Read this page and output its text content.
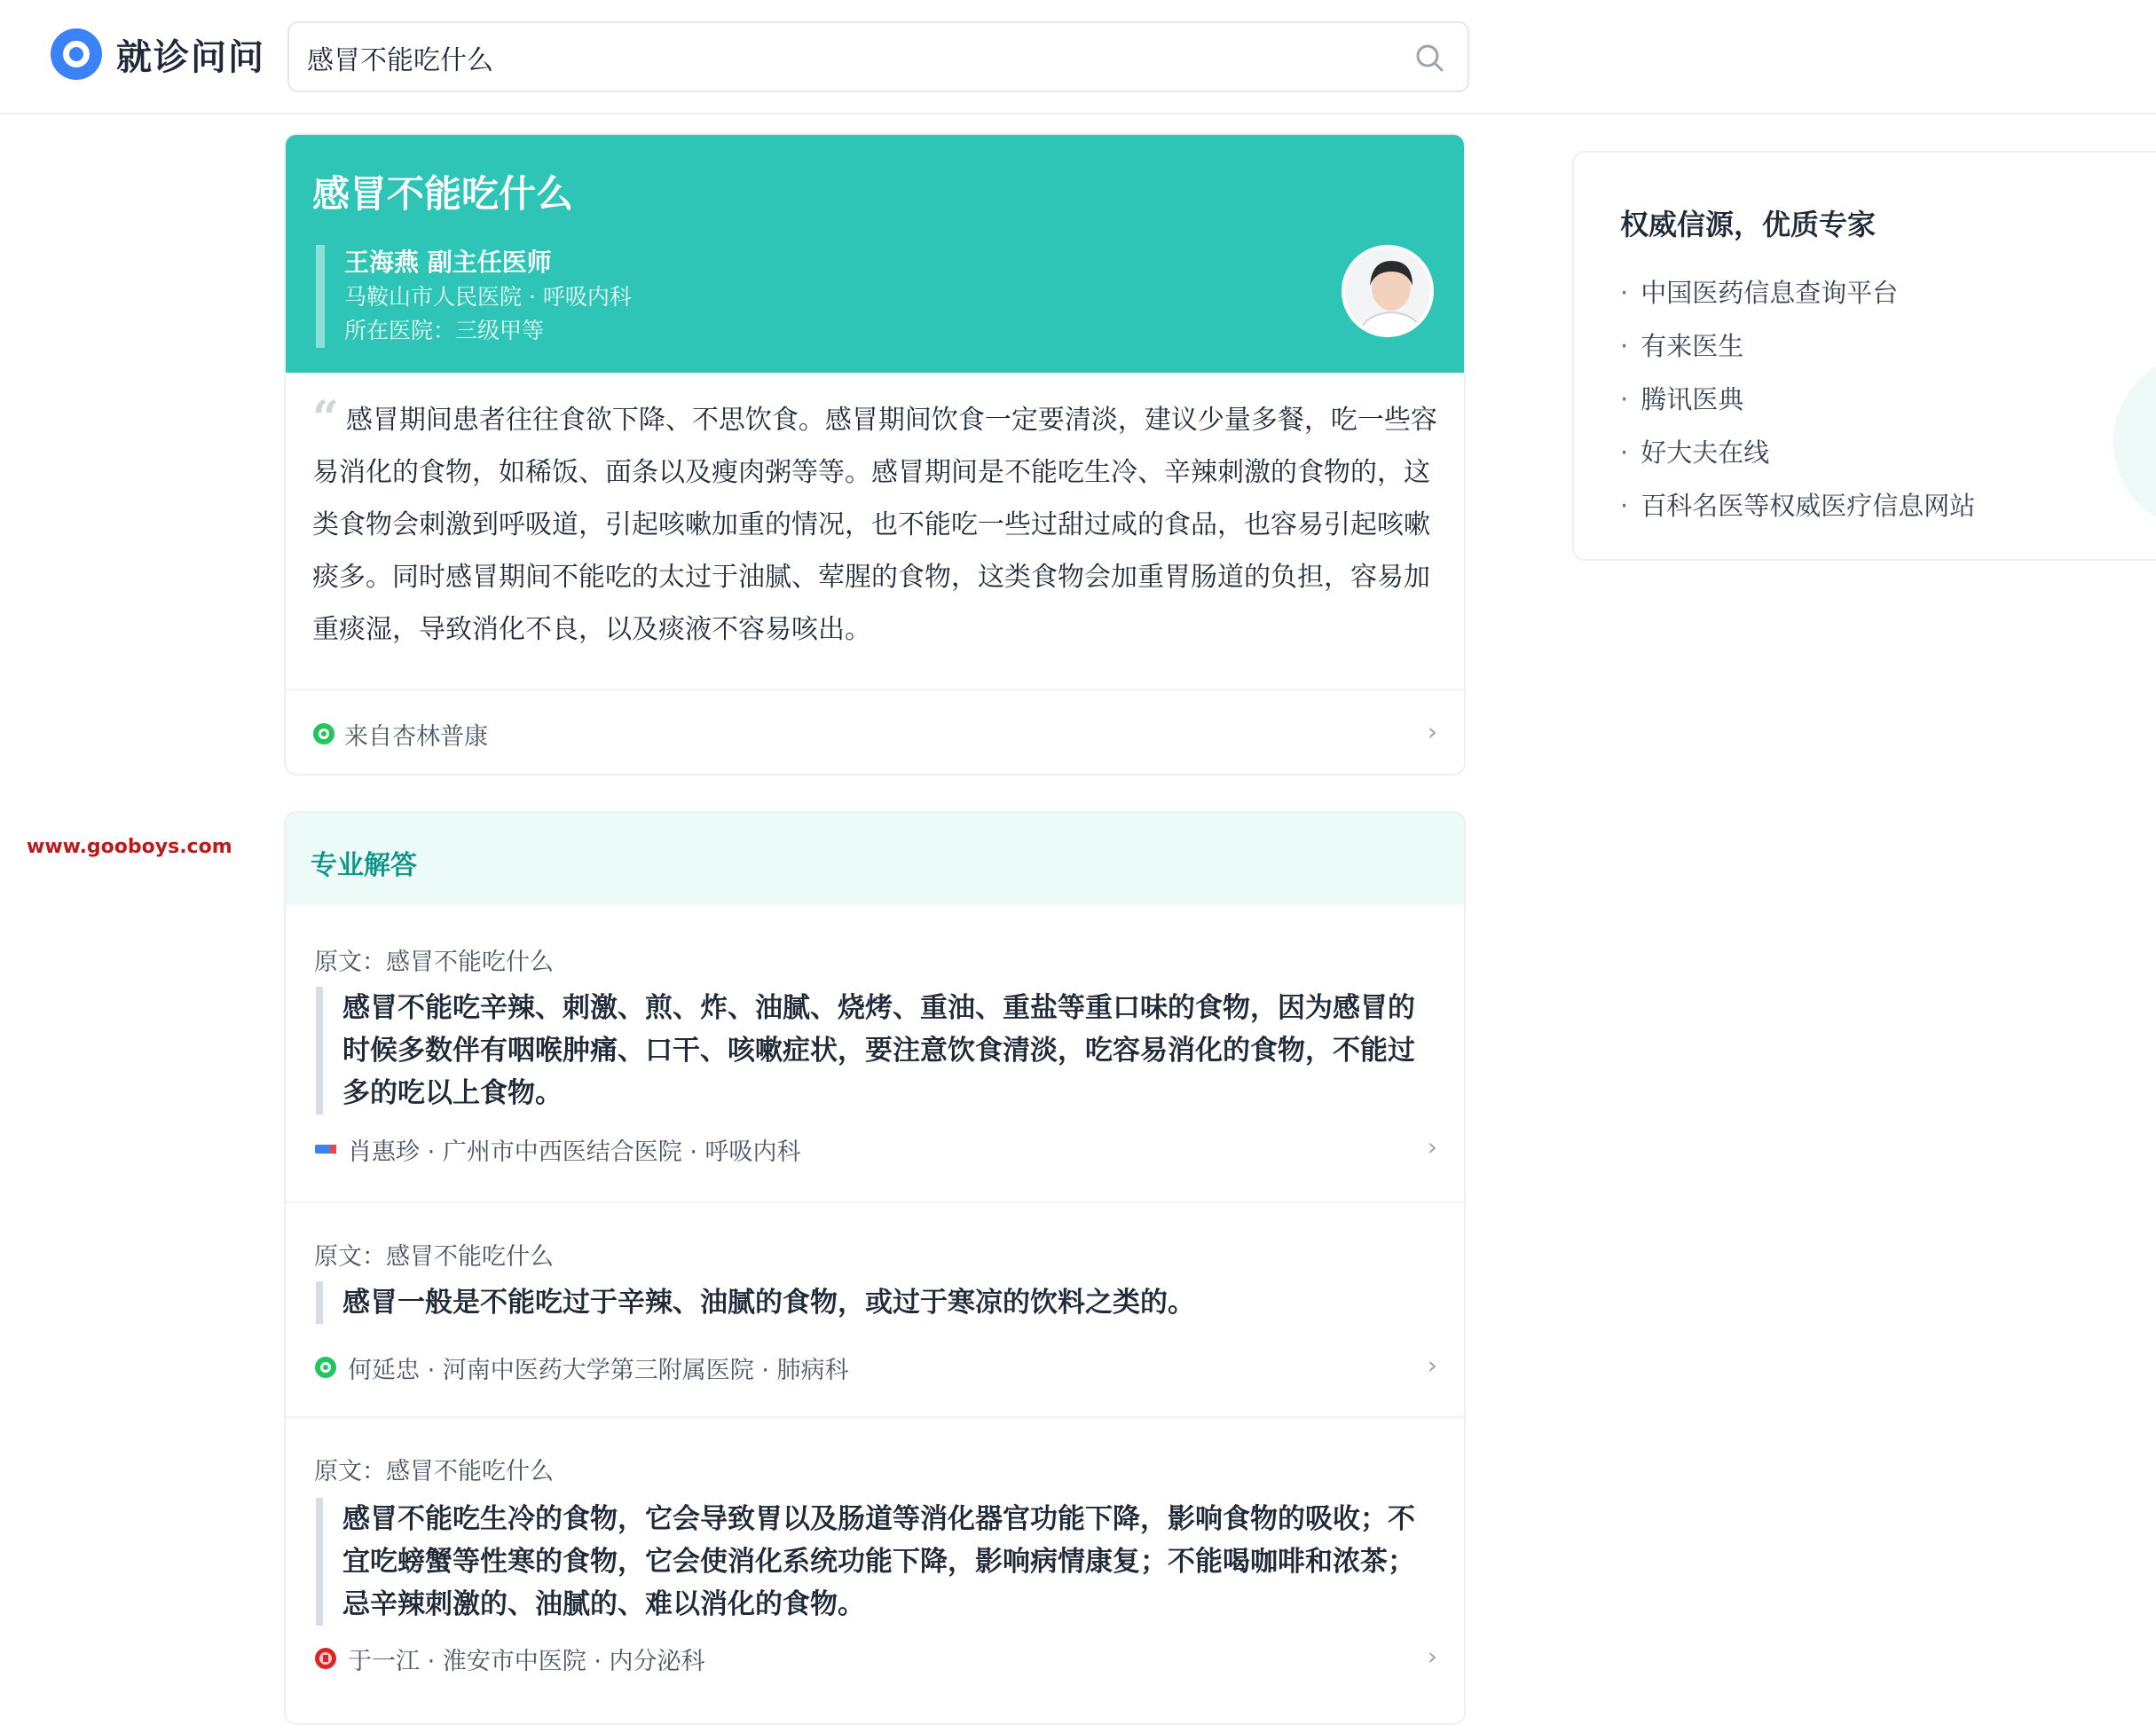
就诊问问
感冒不能吃什么
www.gooboys.com
感冒不能吃什么
王海燕 副主任医师
马鞍山市人民医院 · 呼吸内科
所在医院：三级甲等
“ 感冒期间患者往往食欲下降、不思饮食。感冒期间饮食一定要清淡，建议少量多餐，吃一些容易消化的食物，如稀饭、面条以及瘦肉粥等等。感冒期间是不能吃生冷、辛辣刺激的食物的，这类食物会刺激到呼吸道，引起咳嗽加重的情况，也不能吃一些过甜过咸的食品，也容易引起咳嗽痰多。同时感冒期间不能吃的太过于油腻、荤腥的食物，这类食物会加重胃肠道的负担，容易加重痰湿，导致消化不良，以及痰液不容易咳出。
来自杏林普康	›
专业解答
原文：感冒不能吃什么
感冒不能吃辛辣、刺激、煎、炸、油腻、烧烤、重油、重盐等重口味的食物，因为感冒的时候多数伴有咽喉肿痛、口干、咳嗽症状，要注意饮食清淡，吃容易消化的食物，不能过多的吃以上食物。
肖惠珍 · 广州市中西医结合医院 · 呼吸内科	›
原文：感冒不能吃什么
感冒一般是不能吃过于辛辣、油腻的食物，或过于寒凉的饮料之类的。
何延忠 · 河南中医药大学第三附属医院 · 肺病科	›
原文：感冒不能吃什么
感冒不能吃生冷的食物，它会导致胃以及肠道等消化器官功能下降，影响食物的吸收；不宜吃螃蟹等性寒的食物，它会使消化系统功能下降，影响病情康复；不能喝咖啡和浓茶；忌辛辣刺激的、油腻的、难以消化的食物。
于一江 · 淮安市中医院 · 内分泌科	›
权威信源，优质专家
· 中国医药信息查询平台
· 有来医生
· 腾讯医典
· 好大夫在线
· 百科名医等权威医疗信息网站
